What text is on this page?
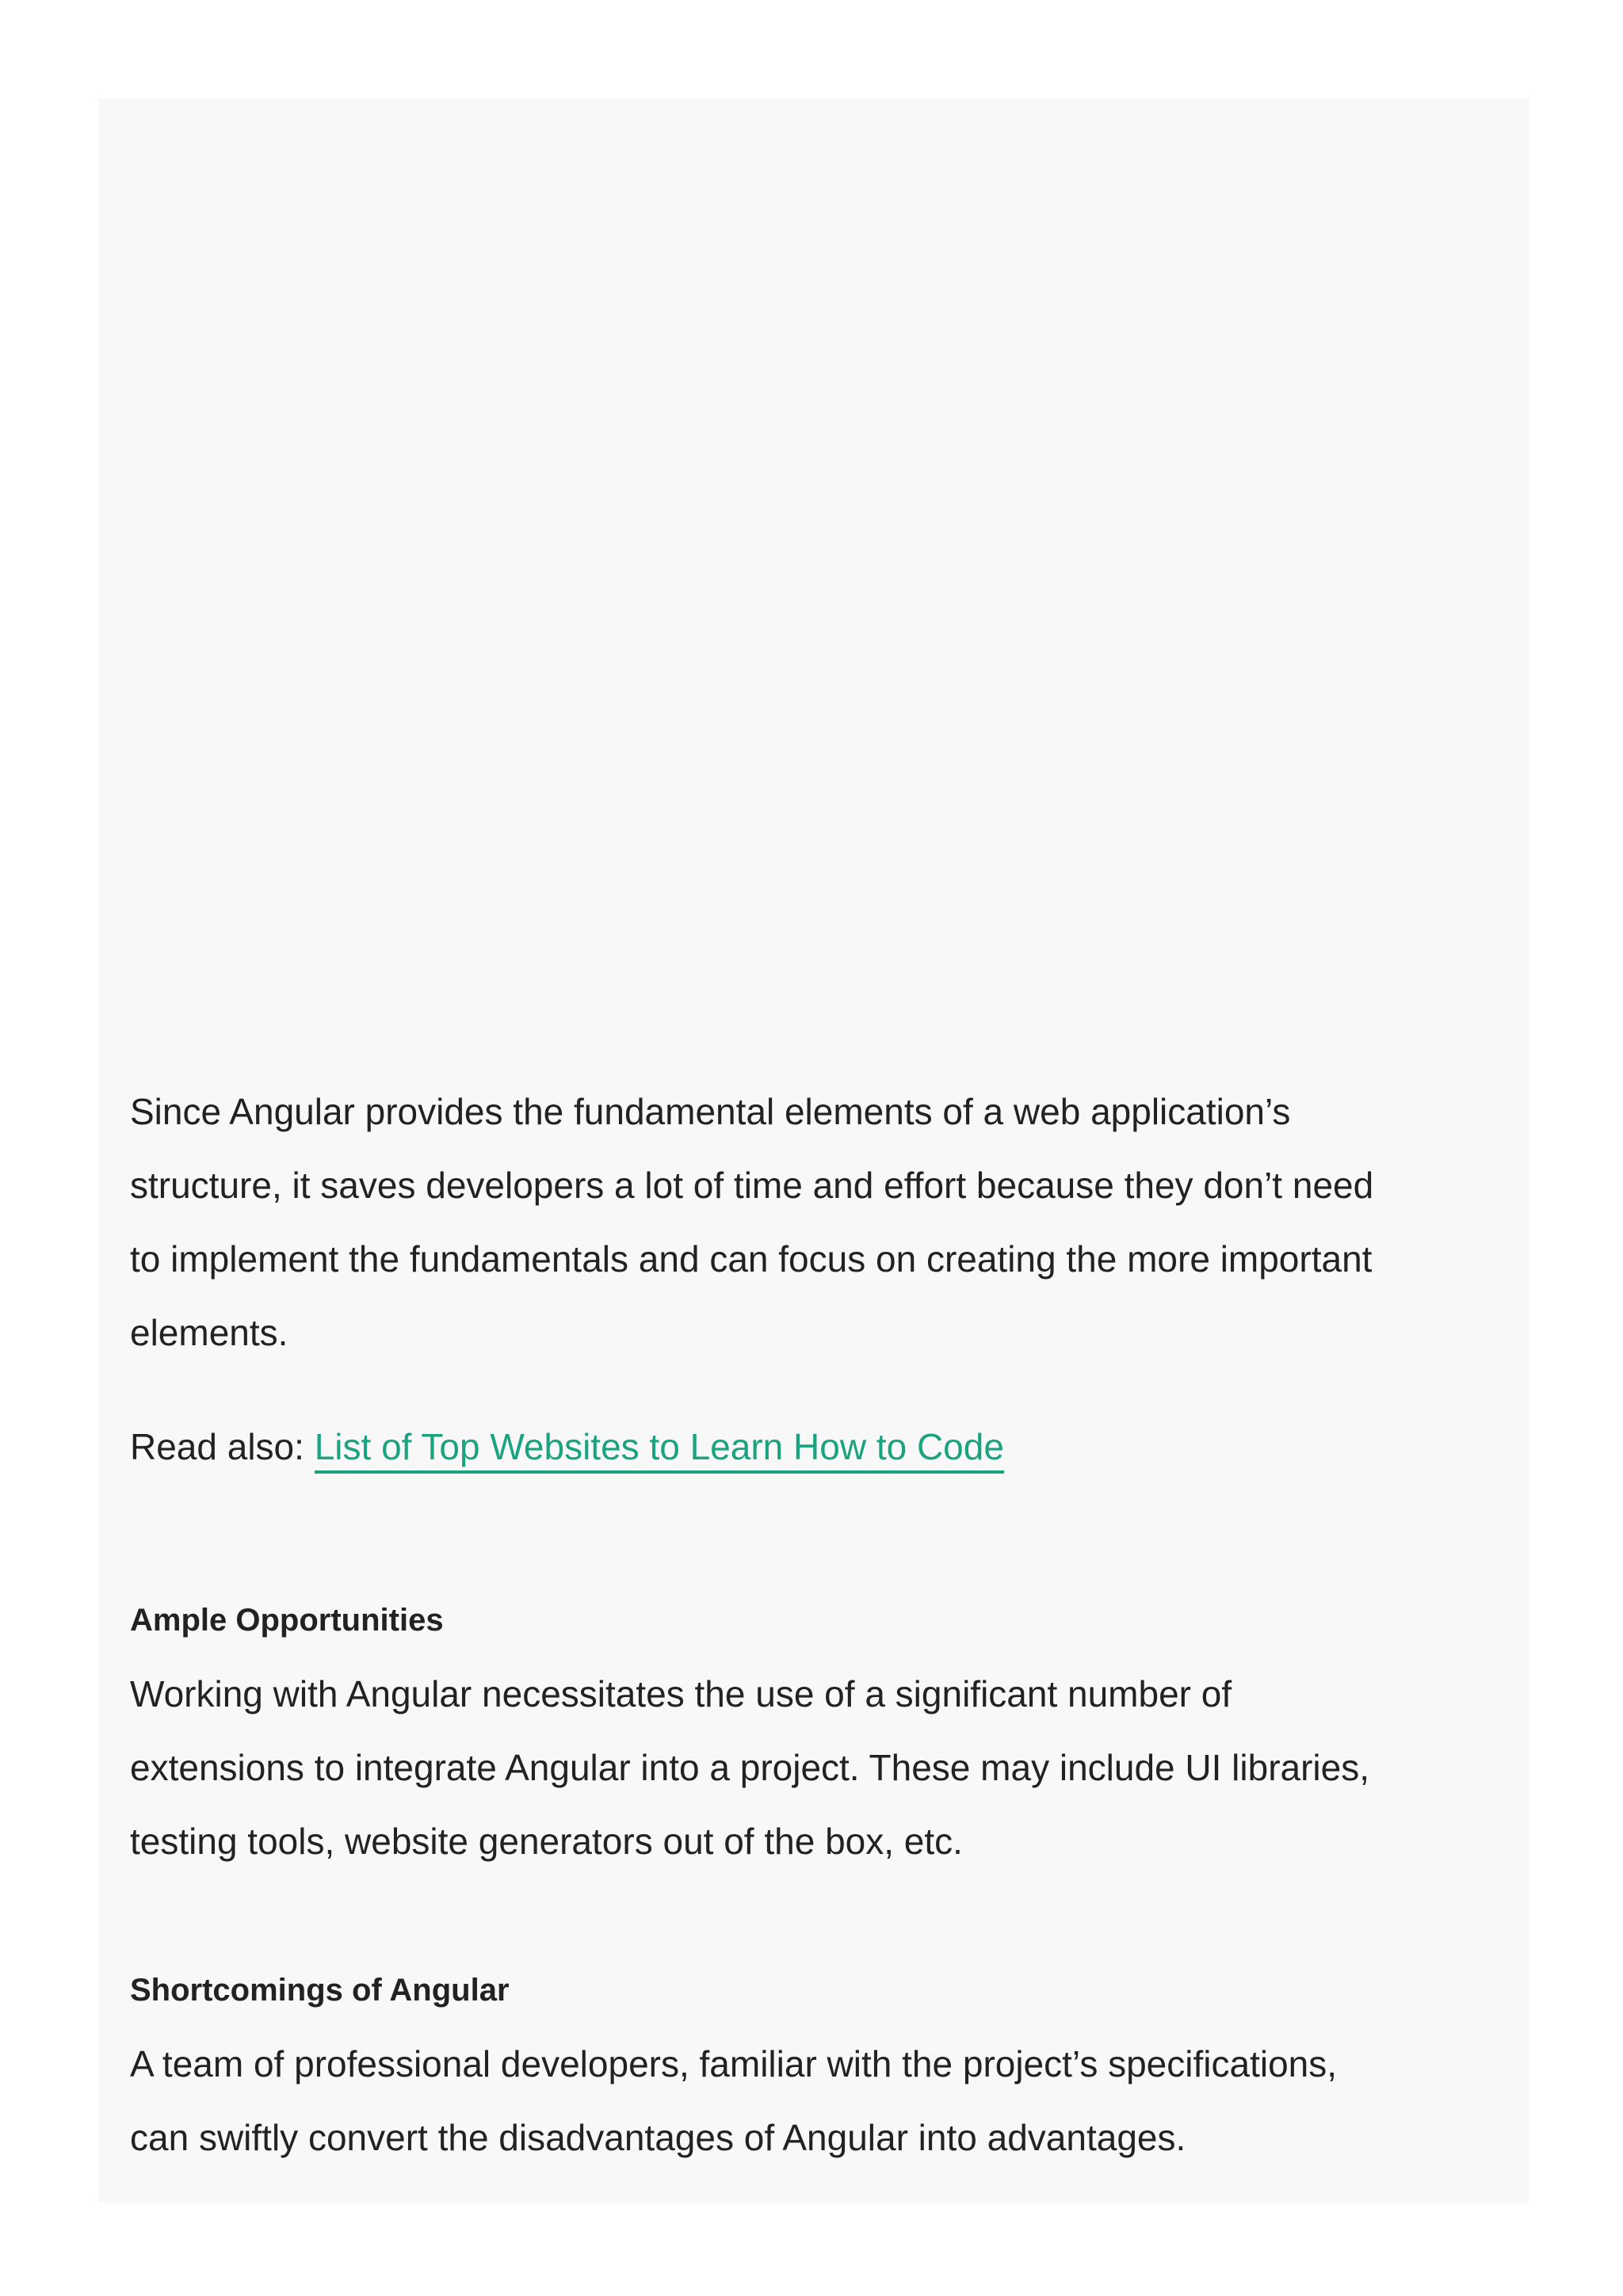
Since Angular provides the fundamental elements of a web application’s
structure, it saves developers a lot of time and effort because they don’t need
to implement the fundamentals and can focus on creating the more important
elements.

Read also: List of Top Websites to Learn How to Code

Ample Opportunities

Working with Angular necessitates the use of a significant number of
extensions to integrate Angular into a project. These may include UI libraries,
testing tools, website generators out of the box, etc.

Shortcomings of Angular

A team of professional developers, familiar with the project’s specifications,
can swiftly convert the disadvantages of Angular into advantages.
